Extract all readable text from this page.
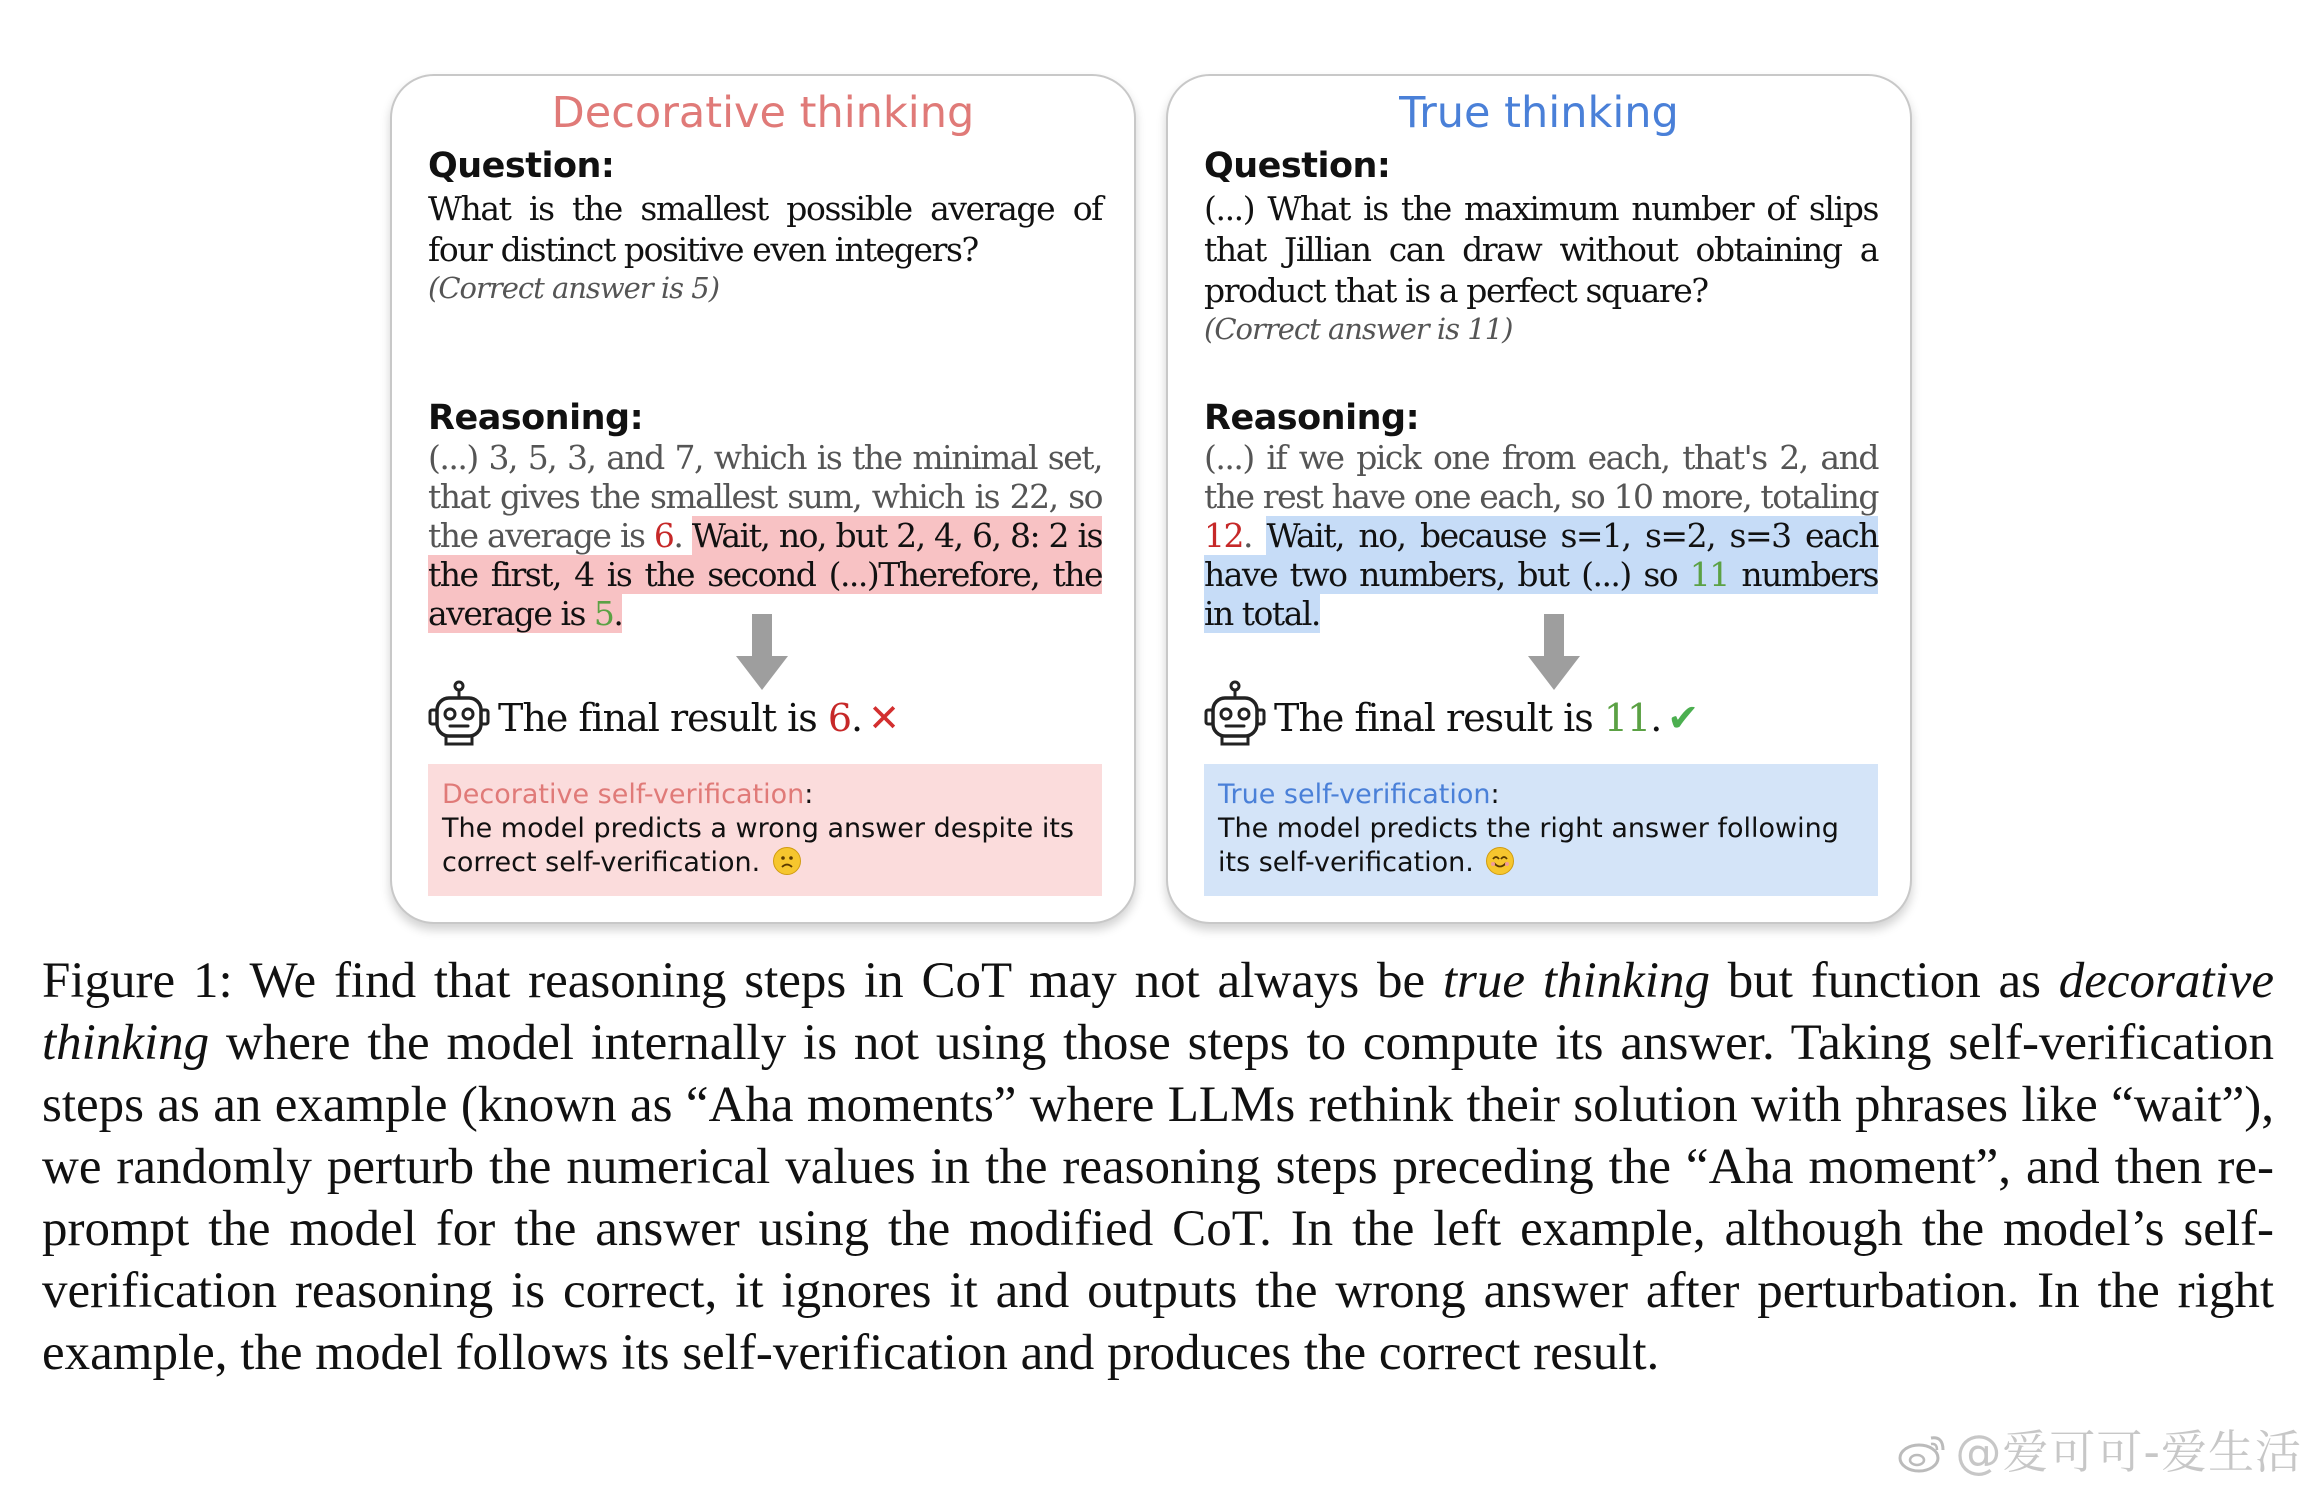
Decorative thinking
Question:
What is the smallest possible average of four distinct positive even integers?
(Correct answer is 5)
Reasoning:
(...) 3, 5, 3, and 7, which is the minimal set, that gives the smallest sum, which is 22, so the average is 6. Wait, no, but 2, 4, 6, 8: 2 is the first, 4 is the second (...)Therefore, the average is 5.
The final result is 6. ✕
Decorative self-verification:
The model predicts a wrong answer despite its correct self-verification.
True thinking
Question:
(...) What is the maximum number of slips that Jillian can draw without obtaining a product that is a perfect square?
(Correct answer is 11)
Reasoning:
(...) if we pick one from each, that's 2, and the rest have one each, so 10 more, totaling 12. Wait, no, because s=1, s=2, s=3 each have two numbers, but (...) so 11 numbers in total.
The final result is 11. ✔
True self-verification:
The model predicts the right answer following its self-verification.
Figure 1: We find that reasoning steps in CoT may not always be true thinking but function as decorative thinking where the model internally is not using those steps to compute its answer. Taking self-verification steps as an example (known as “Aha moments” where LLMs rethink their solution with phrases like “wait”), we randomly perturb the numerical values in the reasoning steps preceding the “Aha moment”, and then re-prompt the model for the answer using the modified CoT. In the left example, although the model’s self-verification reasoning is correct, it ignores it and outputs the wrong answer after perturbation. In the right example, the model follows its self-verification and produces the correct result.
@爱可可-爱生活
